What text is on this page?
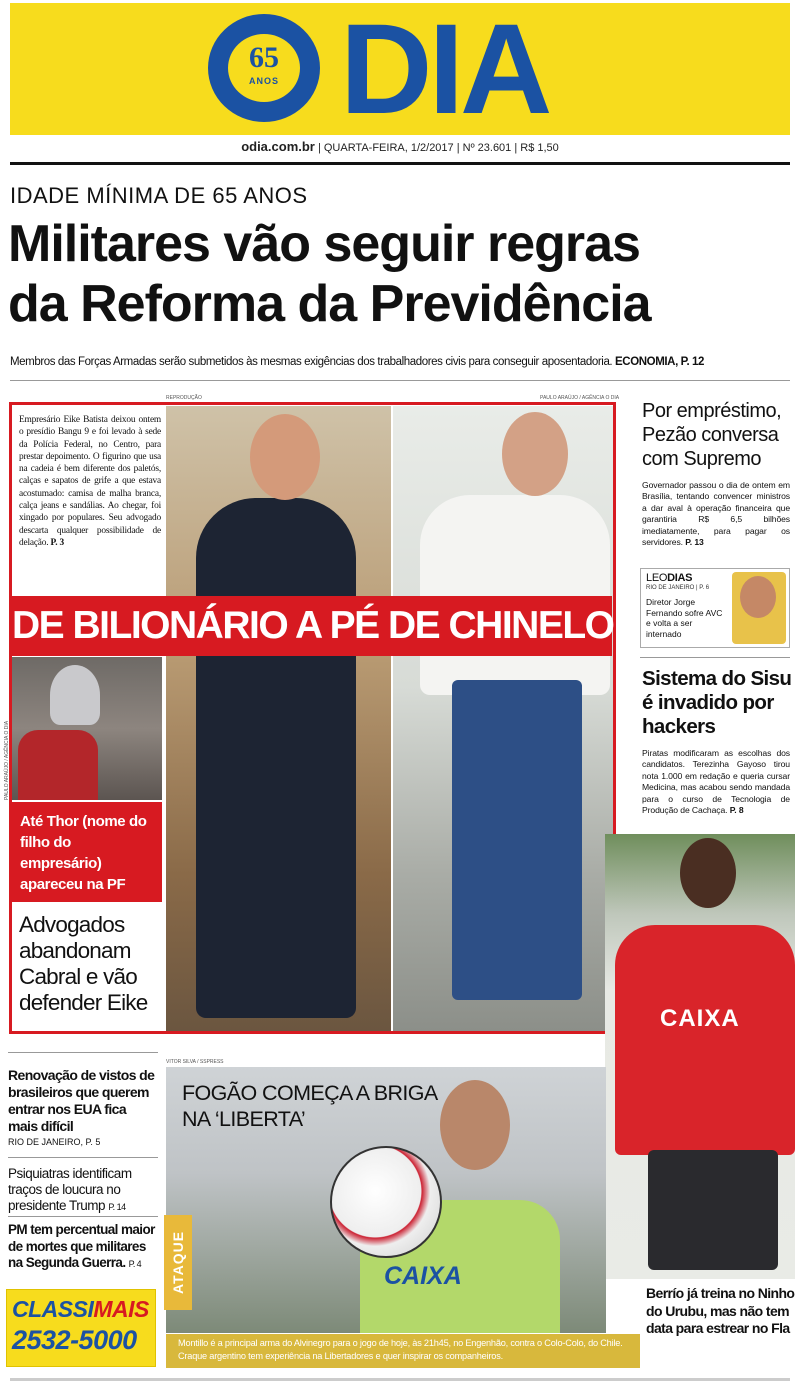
65
ANOS DIA
odia.com.br | QUARTA-FEIRA, 1/2/2017 | Nº 23.601 | R$ 1,50
IDADE MÍNIMA DE 65 ANOS
Militares vão seguir regras
da Reforma da Previdência
Membros das Forças Armadas serão submetidos às mesmas exigências dos trabalhadores civis para conseguir aposentadoria. ECONOMIA, P. 12
REPRODUÇÃO	PAULO ARAÚJO / AGÊNCIA O DIA
Empresário Eike Batista deixou ontem o presídio Bangu 9 e foi levado à sede da Polícia Federal, no Centro, para prestar depoimento. O figurino que usa na cadeia é bem diferente dos paletós, calças e sapatos de grife a que estava acostumado: camisa de malha branca, calça jeans e sandálias. Ao chegar, foi xingado por populares. Seu advogado descarta qualquer possibilidade de delação. P. 3
DE BILIONÁRIO A PÉ DE CHINELO
PAULO ARAÚJO / AGÊNCIA O DIA
Até Thor (nome do filho do empresário) apareceu na PF
Advogados abandonam Cabral e vão defender Eike
Por empréstimo, Pezão conversa com Supremo
Governador passou o dia de ontem em Brasília, tentando convencer ministros a dar aval à operação financeira que garantiria R$ 6,5 bilhões imediatamente, para pagar os servidores. P. 13
LEODIAS
RIO DE JANEIRO | P. 6
Diretor Jorge Fernando sofre AVC e volta a ser internado
Sistema do Sisu é invadido por hackers
Piratas modificaram as escolhas dos candidatos. Terezinha Gayoso tirou nota 1.000 em redação e queria cursar Medicina, mas acabou sendo mandada para o curso de Tecnologia de Produção de Cachaça. P. 8
CAIXA
Berrío já treina no Ninho do Urubu, mas não tem data para estrear no Fla
Renovação de vistos de brasileiros que querem entrar nos EUA fica mais difícil
RIO DE JANEIRO, P. 5
Psiquiatras identificam traços de loucura no presidente Trump P. 14
PM tem percentual maior de mortes que militares na Segunda Guerra. P. 4
CLASSIMAIS
2532-5000
VITOR SILVA / SSPRESS
CAIXA
FOGÃO COMEÇA A BRIGA NA ‘LIBERTA’
ATAQUE
Montillo é a principal arma do Alvinegro para o jogo de hoje, às 21h45, no Engenhão, contra o Colo-Colo, do Chile. Craque argentino tem experiência na Libertadores e quer inspirar os companheiros.
